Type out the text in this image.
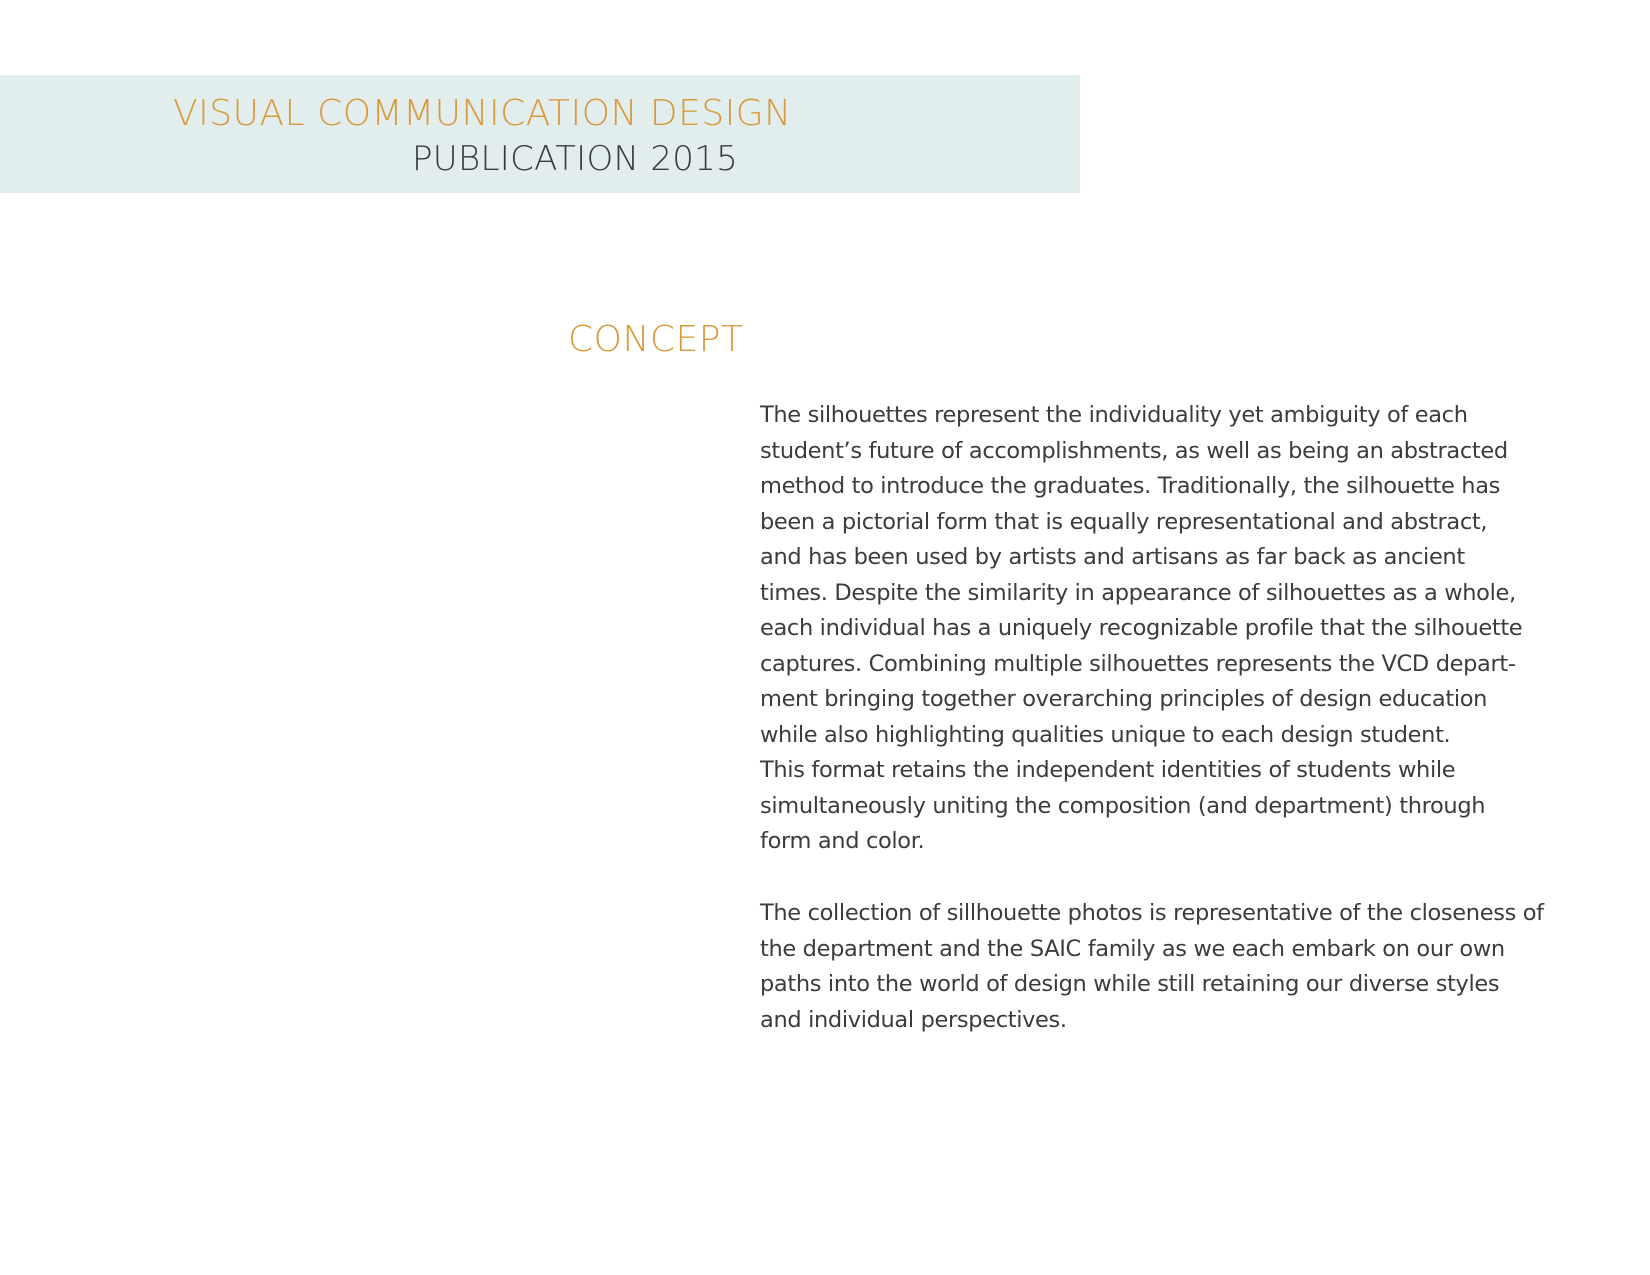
VISUAL COMMUNICATION DESIGN
PUBLICATION 2015
CONCEPT

The silhouettes represent the individuality yet ambiguity of each
student’s future of accomplishments, as well as being an abstracted
method to introduce the graduates. Traditionally, the silhouette has
been a pictorial form that is equally representational and abstract,
and has been used by artists and artisans as far back as ancient
times. Despite the similarity in appearance of silhouettes as a whole,
each individual has a uniquely recognizable profile that the silhouette
captures. Combining multiple silhouettes represents the VCD depart-
ment bringing together overarching principles of design education
while also highlighting qualities unique to each design student.
This format retains the independent identities of students while
simultaneously uniting the composition (and department) through
form and color.

The collection of sillhouette photos is representative of the closeness of
the department and the SAIC family as we each embark on our own
paths into the world of design while still retaining our diverse styles
and individual perspectives.
